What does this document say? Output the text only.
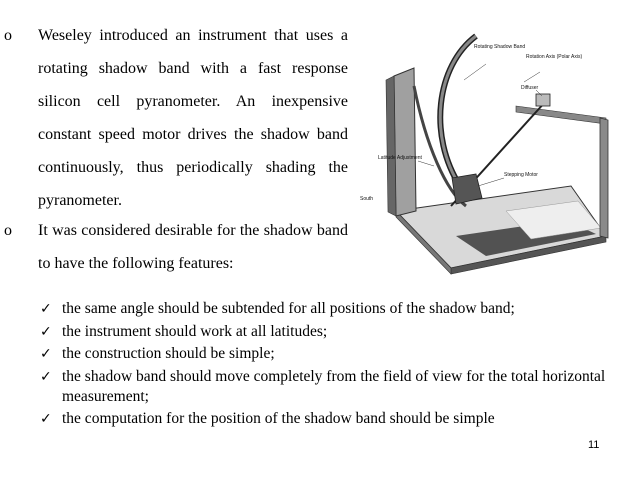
o Weseley introduced an instrument that uses a rotating shadow band with a fast response silicon cell pyranometer. An inexpensive constant speed motor drives the shadow band continuously, thus periodically shading the pyranometer.
o It was considered desirable for the shadow band to have the following features:
Rotating Shadow Band
Rotation Axis (Polar Axis)
Diffuser
Latitude Adjustment
Stepping Motor
South
✓ the same angle should be subtended for all positions of the shadow band;
✓ the instrument should work at all latitudes;
✓ the construction should be simple;
✓ the shadow band should move completely from the field of view for the total horizontal measurement;
✓ the computation for the position of the shadow band should be simple
11
